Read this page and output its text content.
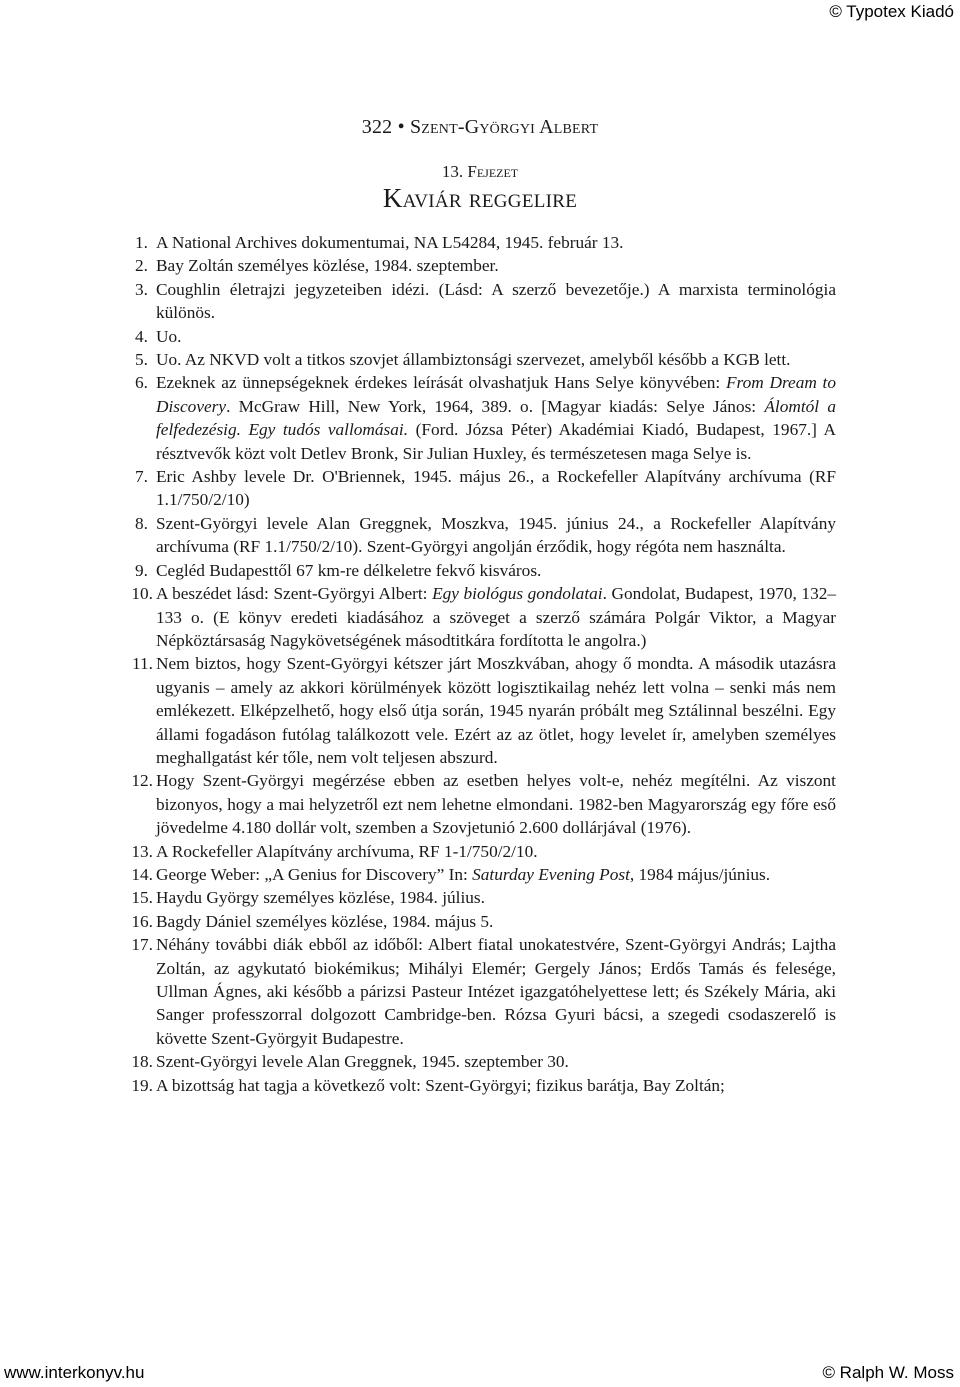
© Typotex Kiadó
322 • Szent-Györgyi Albert
13. Fejezet
Kaviár reggelire
1. A National Archives dokumentumai, NA L54284, 1945. február 13.
2. Bay Zoltán személyes közlése, 1984. szeptember.
3. Coughlin életrajzi jegyzeteiben idézi. (Lásd: A szerző bevezetője.) A marxista terminológia különös.
4. Uo.
5. Uo. Az NKVD volt a titkos szovjet állambiztonsági szervezet, amelyből később a KGB lett.
6. Ezeknek az ünnepségeknek érdekes leírását olvashatjuk Hans Selye könyvében: From Dream to Discovery. McGraw Hill, New York, 1964, 389. o. [Magyar kiadás: Selye János: Álomtól a felfedezésig. Egy tudós vallomásai. (Ford. Józsa Péter) Akadémiai Kiadó, Budapest, 1967.] A résztvevők közt volt Detlev Bronk, Sir Julian Huxley, és természetesen maga Selye is.
7. Eric Ashby levele Dr. O'Briennek, 1945. május 26., a Rockefeller Alapítvány archívuma (RF 1.1/750/2/10)
8. Szent-Györgyi levele Alan Greggnek, Moszkva, 1945. június 24., a Rockefeller Alapítvány archívuma (RF 1.1/750/2/10). Szent-Györgyi angolján érződik, hogy régóta nem használta.
9. Cegléd Budapesttől 67 km-re délkeletre fekvő kisváros.
10. A beszédet lásd: Szent-Györgyi Albert: Egy biológus gondolatai. Gondolat, Budapest, 1970, 132–133 o. (E könyv eredeti kiadásához a szöveget a szerző számára Polgár Viktor, a Magyar Népköztársaság Nagykövetségének másodtitkára fordította le angolra.)
11. Nem biztos, hogy Szent-Györgyi kétszer járt Moszkvában, ahogy ő mondta. A második utazásra ugyanis – amely az akkori körülmények között logisztikailag nehéz lett volna – senki más nem emlékezett. Elképzelhető, hogy első útja során, 1945 nyarán próbált meg Sztálinnal beszélni. Egy állami fogadáson futólag találkozott vele. Ezért az az ötlet, hogy levelet ír, amelyben személyes meghallgatást kér tőle, nem volt teljesen abszurd.
12. Hogy Szent-Györgyi megérzése ebben az esetben helyes volt-e, nehéz megítélni. Az viszont bizonyos, hogy a mai helyzetről ezt nem lehetne elmondani. 1982-ben Magyarország egy főre eső jövedelme 4.180 dollár volt, szemben a Szovjetunió 2.600 dollárjával (1976).
13. A Rockefeller Alapítvány archívuma, RF 1-1/750/2/10.
14. George Weber: „A Genius for Discovery” In: Saturday Evening Post, 1984 május/június.
15. Haydu György személyes közlése, 1984. július.
16. Bagdy Dániel személyes közlése, 1984. május 5.
17. Néhány további diák ebből az időből: Albert fiatal unokatestvére, Szent-Györgyi András; Lajtha Zoltán, az agykutató biokémikus; Mihályi Elemér; Gergely János; Erdős Tamás és felesége, Ullman Ágnes, aki később a párizsi Pasteur Intézet igazgatóhelyettese lett; és Székely Mária, aki Sanger professzorral dolgozott Cambridge-ben. Rózsa Gyuri bácsi, a szegedi csodaszerelő is követte Szent-Györgyit Budapestre.
18. Szent-Györgyi levele Alan Greggnek, 1945. szeptember 30.
19. A bizottság hat tagja a következő volt: Szent-Györgyi; fizikus barátja, Bay Zoltán;
www.interkonyv.hu	© Ralph W. Moss
